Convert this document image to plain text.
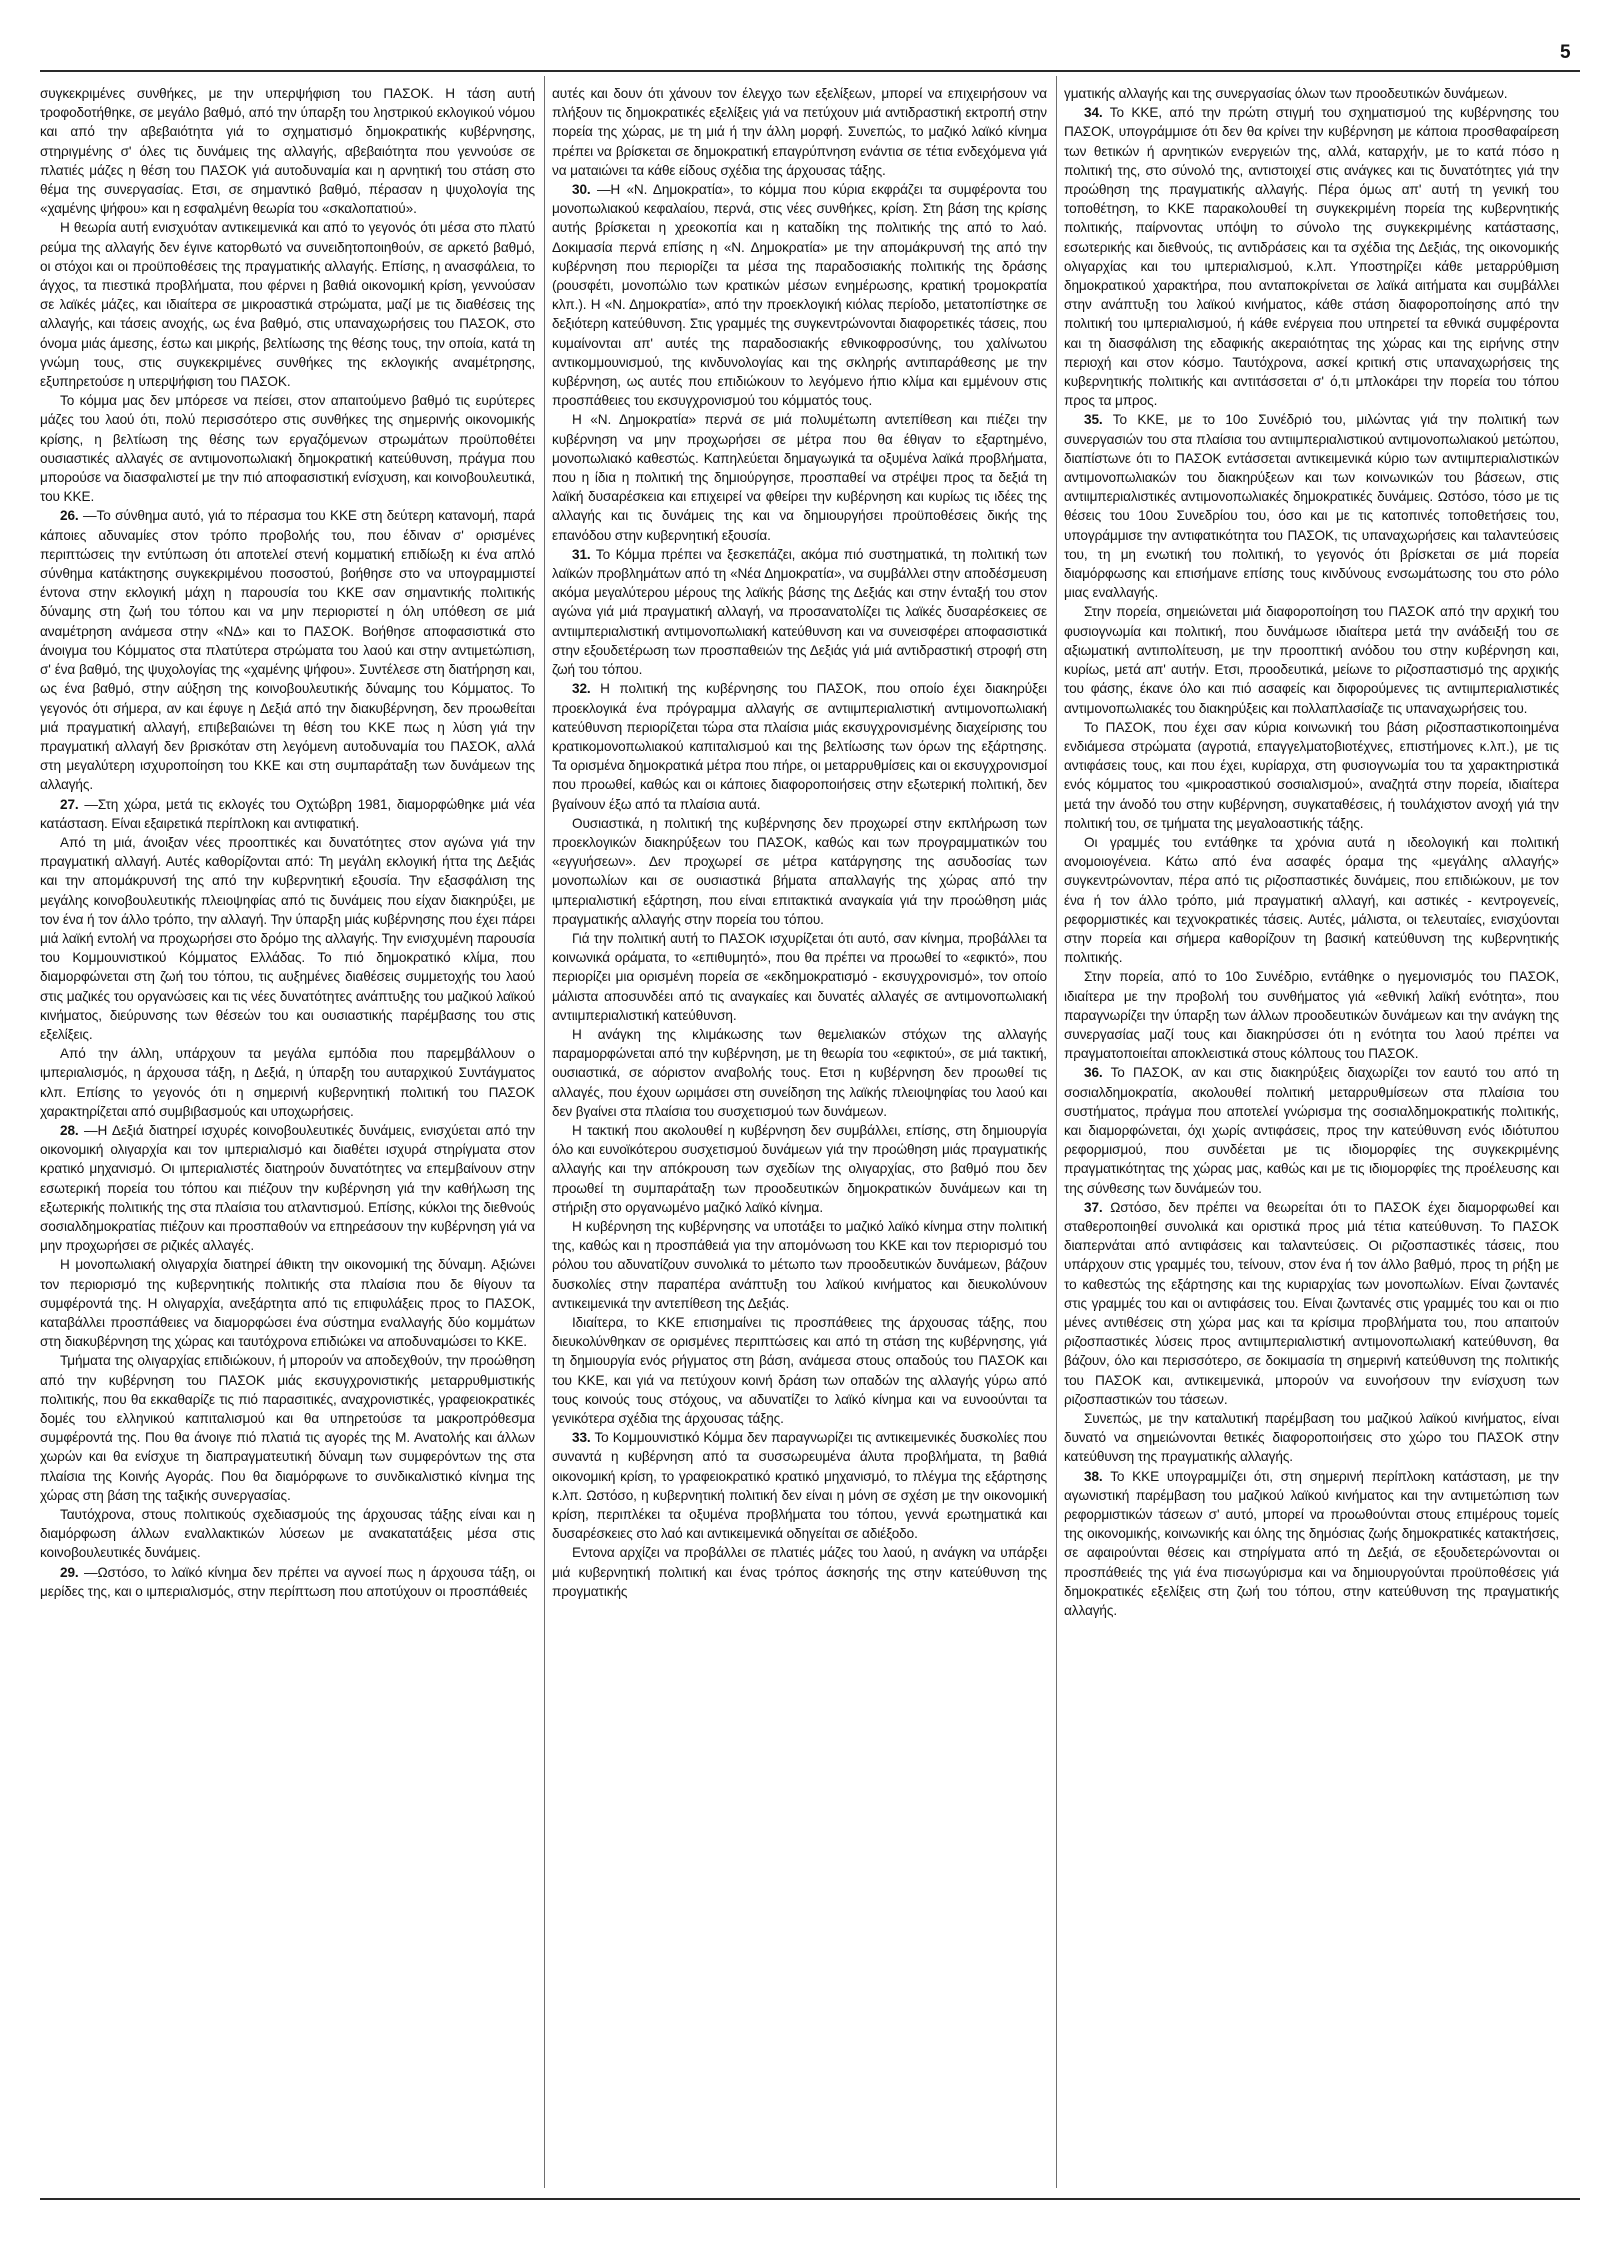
5

συγκεκριμένες συνθήκες, με την υπερψήφιση του ΠΑΣΟΚ. Η τάση αυτή τροφοδοτήθηκε, σε μεγάλο βαθμό, από την ύπαρξη του ληστρικού εκλογικού νόμου και από την αβεβαιότητα γιά το σχηματισμό δημοκρατικής κυβέρνησης, στηριγμένης σ' όλες τις δυνάμεις της αλλαγής, αβεβαιότητα που γεννούσε σε πλατιές μάζες η θέση του ΠΑΣΟΚ γιά αυτοδυναμία και η αρνητική του στάση στο θέμα της συνεργασίας. Ετσι, σε σημαντικό βαθμό, πέρασαν η ψυχολογία της «χαμένης ψήφου» και η εσφαλμένη θεωρία του «σκαλοπατιού».

Η θεωρία αυτή ενισχυόταν αντικειμενικά και από το γεγονός ότι μέσα στο πλατύ ρεύμα της αλλαγής δεν έγινε κατορθωτό να συνειδητοποιηθούν, σε αρκετό βαθμό, οι στόχοι και οι προϋποθέσεις της πραγματικής αλλαγής. Επίσης, η ανασφάλεια, το άγχος, τα πιεστικά προβλήματα, που φέρνει η βαθιά οικονομική κρίση, γεννούσαν σε λαϊκές μάζες, και ιδιαίτερα σε μικροαστικά στρώματα, μαζί με τις διαθέσεις της αλλαγής, και τάσεις ανοχής, ως ένα βαθμό, στις υπαναχωρήσεις του ΠΑΣΟΚ, στο όνομα μιάς άμεσης, έστω και μικρής, βελτίωσης της θέσης τους, την οποία, κατά τη γνώμη τους, στις συγκεκριμένες συνθήκες της εκλογικής αναμέτρησης, εξυπηρετούσε η υπερψήφιση του ΠΑΣΟΚ.

Το κόμμα μας δεν μπόρεσε να πείσει, στον απαιτούμενο βαθμό τις ευρύτερες μάζες του λαού ότι, πολύ περισσότερο στις συνθήκες της σημερινής οικονομικής κρίσης, η βελτίωση της θέσης των εργαζόμενων στρωμάτων προϋποθέτει ουσιαστικές αλλαγές σε αντιμονοπωλιακή δημοκρατική κατεύθυνση, πράγμα που μπορούσε να διασφαλιστεί με την πιό αποφασιστική ενίσχυση, και κοινοβουλευτικά, του ΚΚΕ.

26. —Το σύνθημα αυτό, γιά το πέρασμα του ΚΚΕ στη δεύτερη κατανομή, παρά κάποιες αδυναμίες στον τρόπο προβολής του, που έδιναν σ' ορισμένες περιπτώσεις την εντύπωση ότι αποτελεί στενή κομματική επιδίωξη κι ένα απλό σύνθημα κατάκτησης συγκεκριμένου ποσοστού, βοήθησε στο να υπογραμμιστεί έντονα στην εκλογική μάχη η παρουσία του ΚΚΕ σαν σημαντικής πολιτικής δύναμης στη ζωή του τόπου και να μην περιοριστεί η όλη υπόθεση σε μιά αναμέτρηση ανάμεσα στην «ΝΔ» και το ΠΑΣΟΚ. Βοήθησε αποφασιστικά στο άνοιγμα του Κόμματος στα πλατύτερα στρώματα του λαού και στην αντιμετώπιση, σ' ένα βαθμό, της ψυχολογίας της «χαμένης ψήφου». Συντέλεσε στη διατήρηση και, ως ένα βαθμό, στην αύξηση της κοινοβουλευτικής δύναμης του Κόμματος. Το γεγονός ότι σήμερα, αν και έφυγε η Δεξιά από την διακυβέρνηση, δεν προωθείται μιά πραγματική αλλαγή, επιβεβαιώνει τη θέση του ΚΚΕ πως η λύση γιά την πραγματική αλλαγή δεν βρισκόταν στη λεγόμενη αυτοδυναμία του ΠΑΣΟΚ, αλλά στη μεγαλύτερη ισχυροποίηση του ΚΚΕ και στη συμπαράταξη των δυνάμεων της αλλαγής.

27. —Στη χώρα, μετά τις εκλογές του Οχτώβρη 1981, διαμορφώθηκε μιά νέα κατάσταση. Είναι εξαιρετικά περίπλοκη και αντιφατική.

Από τη μιά, άνοιξαν νέες προοπτικές και δυνατότητες στον αγώνα γιά την πραγματική αλλαγή. Αυτές καθορίζονται από: Τη μεγάλη εκλογική ήττα της Δεξιάς και την απομάκρυνσή της από την κυβερνητική εξουσία. Την εξασφάλιση της μεγάλης κοινοβουλευτικής πλειοψηφίας από τις δυνάμεις που είχαν διακηρύξει, με τον ένα ή τον άλλο τρόπο, την αλλαγή. Την ύπαρξη μιάς κυβέρνησης που έχει πάρει μιά λαϊκή εντολή να προχωρήσει στο δρόμο της αλλαγής. Την ενισχυμένη παρουσία του Κομμουνιστικού Κόμματος Ελλάδας. Το πιό δημοκρατικό κλίμα, που διαμορφώνεται στη ζωή του τόπου, τις αυξημένες διαθέσεις συμμετοχής του λαού στις μαζικές του οργανώσεις και τις νέες δυνατότητες ανάπτυξης του μαζικού λαϊκού κινήματος, διεύρυνσης των θέσεών του και ουσιαστικής παρέμβασης του στις εξελίξεις.

Από την άλλη, υπάρχουν τα μεγάλα εμπόδια που παρεμβάλλουν ο ιμπεριαλισμός, η άρχουσα τάξη, η Δεξιά, η ύπαρξη του αυταρχικού Συντάγματος κλπ. Επίσης το γεγονός ότι η σημερινή κυβερνητική πολιτική του ΠΑΣΟΚ χαρακτηρίζεται από συμβιβασμούς και υποχωρήσεις.

28. —Η Δεξιά διατηρεί ισχυρές κοινοβουλευτικές δυνάμεις, ενισχύεται από την οικονομική ολιγαρχία και τον ιμπεριαλισμό και διαθέτει ισχυρά στηρίγματα στον κρατικό μηχανισμό. Οι ιμπεριαλιστές διατηρούν δυνατότητες να επεμβαίνουν στην εσωτερική πορεία του τόπου και πιέζουν την κυβέρνηση γιά την καθήλωση της εξωτερικής πολιτικής της στα πλαίσια του ατλαντισμού. Επίσης, κύκλοι της διεθνούς σοσιαλδημοκρατίας πιέζουν και προσπαθούν να επηρεάσουν την κυβέρνηση γιά να μην προχωρήσει σε ριζικές αλλαγές.

Η μονοπωλιακή ολιγαρχία διατηρεί άθικτη την οικονομική της δύναμη. Αξιώνει τον περιορισμό της κυβερνητικής πολιτικής στα πλαίσια που δε θίγουν τα συμφέροντά της. Η ολιγαρχία, ανεξάρτητα από τις επιφυλάξεις προς το ΠΑΣΟΚ, καταβάλλει προσπάθειες να διαμορφώσει ένα σύστημα εναλλαγής δύο κομμάτων στη διακυβέρνηση της χώρας και ταυτόχρονα επιδιώκει να αποδυναμώσει το ΚΚΕ.

Τμήματα της ολιγαρχίας επιδιώκουν, ή μπορούν να αποδεχθούν, την προώθηση από την κυβέρνηση του ΠΑΣΟΚ μιάς εκσυγχρονιστικής μεταρρυθμιστικής πολιτικής, που θα εκκαθαρίζε τις πιό παρασιτικές, αναχρονιστικές, γραφειοκρατικές δομές του ελληνικού καπιταλισμού και θα υπηρετούσε τα μακροπρόθεσμα συμφέροντά της. Που θα άνοιγε πιό πλατιά τις αγορές της Μ. Ανατολής και άλλων χωρών και θα ενίσχυε τη διαπραγματευτική δύναμη των συμφερόντων της στα πλαίσια της Κοινής Αγοράς. Που θα διαμόρφωνε το συνδικαλιστικό κίνημα της χώρας στη βάση της ταξικής συνεργασίας.

Ταυτόχρονα, στους πολιτικούς σχεδιασμούς της άρχουσας τάξης είναι και η διαμόρφωση άλλων εναλλακτικών λύσεων με ανακατατάξεις μέσα στις κοινοβουλευτικές δυνάμεις.

29. —Ωστόσο, το λαϊκό κίνημα δεν πρέπει να αγνοεί πως η άρχουσα τάξη, οι μερίδες της, και ο ιμπεριαλισμός, στην περίπτωση που αποτύχουν οι προσπάθειές

αυτές και δουν ότι χάνουν τον έλεγχο των εξελίξεων, μπορεί να επιχειρήσουν να πλήξουν τις δημοκρατικές εξελίξεις γιά να πετύχουν μιά αντιδραστική εκτροπή στην πορεία της χώρας, με τη μιά ή την άλλη μορφή. Συνεπώς, το μαζικό λαϊκό κίνημα πρέπει να βρίσκεται σε δημοκρατική επαγρύπνηση ενάντια σε τέτια ενδεχόμενα γιά να ματαιώνει τα κάθε είδους σχέδια της άρχουσας τάξης.

30. —Η «Ν. Δημοκρατία», το κόμμα που κύρια εκφράζει τα συμφέροντα του μονοπωλιακού κεφαλαίου, περνά, στις νέες συνθήκες, κρίση. Στη βάση της κρίσης αυτής βρίσκεται η χρεοκοπία και η καταδίκη της πολιτικής της από το λαό. Δοκιμασία περνά επίσης η «Ν. Δημοκρατία» με την απομάκρυνσή της από την κυβέρνηση που περιορίζει τα μέσα της παραδοσιακής πολιτικής της δράσης (ρουσφέτι, μονοπώλιο των κρατικών μέσων ενημέρωσης, κρατική τρομοκρατία κλπ.). Η «Ν. Δημοκρατία», από την προεκλογική κιόλας περίοδο, μετατοπίστηκε σε δεξιότερη κατεύθυνση. Στις γραμμές της συγκεντρώνονται διαφορετικές τάσεις, που κυμαίνονται απ' αυτές της παραδοσιακής εθνικοφροσύνης, του χαλίνωτου αντικομμουνισμού, της κινδυνολογίας και της σκληρής αντιπαράθεσης με την κυβέρνηση, ως αυτές που επιδιώκουν το λεγόμενο ήπιο κλίμα και εμμένουν στις προσπάθειες του εκσυγχρονισμού του κόμματός τους.

Η «Ν. Δημοκρατία» περνά σε μιά πολυμέτωπη αντεπίθεση και πιέζει την κυβέρνηση να μην προχωρήσει σε μέτρα που θα έθιγαν το εξαρτημένο, μονοπωλιακό καθεστώς. Καπηλεύεται δημαγωγικά τα οξυμένα λαϊκά προβλήματα, που η ίδια η πολιτική της δημιούργησε, προσπαθεί να στρέψει προς τα δεξιά τη λαϊκή δυσαρέσκεια και επιχειρεί να φθείρει την κυβέρνηση και κυρίως τις ιδέες της αλλαγής και τις δυνάμεις της και να δημιουργήσει προϋποθέσεις δικής της επανόδου στην κυβερνητική εξουσία.

31. Το Κόμμα πρέπει να ξεσκεπάζει, ακόμα πιό συστηματικά, τη πολιτική των λαϊκών προβλημάτων από τη «Νέα Δημοκρατία», να συμβάλλει στην αποδέσμευση ακόμα μεγαλύτερου μέρους της λαϊκής βάσης της Δεξιάς και στην ένταξή του στον αγώνα γιά μιά πραγματική αλλαγή, να προσανατολίζει τις λαϊκές δυσαρέσκειες σε αντιιμπεριαλιστική αντιμονοπωλιακή κατεύθυνση και να συνεισφέρει αποφασιστικά στην εξουδετέρωση των προσπαθειών της Δεξιάς γιά μιά αντιδραστική στροφή στη ζωή του τόπου.

32. Η πολιτική της κυβέρνησης του ΠΑΣΟΚ, που οποίο έχει διακηρύξει προεκλογικά ένα πρόγραμμα αλλαγής σε αντιιμπεριαλιστική αντιμονοπωλιακή κατεύθυνση περιορίζεται τώρα στα πλαίσια μιάς εκσυγχρονισμένης διαχείρισης του κρατικομονοπωλιακού καπιταλισμού και της βελτίωσης των όρων της εξάρτησης. Τα ορισμένα δημοκρατικά μέτρα που πήρε, οι μεταρρυθμίσεις και οι εκσυγχρονισμοί που προωθεί, καθώς και οι κάποιες διαφοροποιήσεις στην εξωτερική πολιτική, δεν βγαίνουν έξω από τα πλαίσια αυτά.

Ουσιαστικά, η πολιτική της κυβέρνησης δεν προχωρεί στην εκπλήρωση των προεκλογικών διακηρύξεων του ΠΑΣΟΚ, καθώς και των προγραμματικών του «εγγυήσεων». Δεν προχωρεί σε μέτρα κατάργησης της ασυδοσίας των μονοπωλίων και σε ουσιαστικά βήματα απαλλαγής της χώρας από την ιμπεριαλιστική εξάρτηση, που είναι επιτακτικά αναγκαία γιά την προώθηση μιάς πραγματικής αλλαγής στην πορεία του τόπου.

Γιά την πολιτική αυτή το ΠΑΣΟΚ ισχυρίζεται ότι αυτό, σαν κίνημα, προβάλλει τα κοινωνικά οράματα, το «επιθυμητό», που θα πρέπει να προωθεί το «εφικτό», που περιορίζει μια ορισμένη πορεία σε «εκδημοκρατισμό - εκσυγχρονισμό», τον οποίο μάλιστα αποσυνδέει από τις αναγκαίες και δυνατές αλλαγές σε αντιμονοπωλιακή αντιιμπεριαλιστική κατεύθυνση.

Η ανάγκη της κλιμάκωσης των θεμελιακών στόχων της αλλαγής παραμορφώνεται από την κυβέρνηση, με τη θεωρία του «εφικτού», σε μιά τακτική, ουσιαστικά, σε αόριστον αναβολής τους. Ετσι η κυβέρνηση δεν προωθεί τις αλλαγές, που έχουν ωριμάσει στη συνείδηση της λαϊκής πλειοψηφίας του λαού και δεν βγαίνει στα πλαίσια του συσχετισμού των δυνάμεων.

Η τακτική που ακολουθεί η κυβέρνηση δεν συμβάλλει, επίσης, στη δημιουργία όλο και ευνοϊκότερου συσχετισμού δυνάμεων γιά την προώθηση μιάς πραγματικής αλλαγής και την απόκρουση των σχεδίων της ολιγαρχίας, στο βαθμό που δεν προωθεί τη συμπαράταξη των προοδευτικών δημοκρατικών δυνάμεων και τη στήριξη στο οργανωμένο μαζικό λαϊκό κίνημα.

Η κυβέρνηση της κυβέρνησης να υποτάξει το μαζικό λαϊκό κίνημα στην πολιτική της, καθώς και η προσπάθειά για την απομόνωση του ΚΚΕ και τον περιορισμό του ρόλου του αδυνατίζουν συνολικά το μέτωπο των προοδευτικών δυνάμεων, βάζουν δυσκολίες στην παραπέρα ανάπτυξη του λαϊκού κινήματος και διευκολύνουν αντικειμενικά την αντεπίθεση της Δεξιάς.

Ιδιαίτερα, το ΚΚΕ επισημαίνει τις προσπάθειες της άρχουσας τάξης, που διευκολύνθηκαν σε ορισμένες περιπτώσεις και από τη στάση της κυβέρνησης, γιά τη δημιουργία ενός ρήγματος στη βάση, ανάμεσα στους οπαδούς του ΠΑΣΟΚ και του ΚΚΕ, και γιά να πετύχουν κοινή δράση των οπαδών της αλλαγής γύρω από τους κοινούς τους στόχους, να αδυνατίζει το λαϊκό κίνημα και να ευνοούνται τα γενικότερα σχέδια της άρχουσας τάξης.

33. Το Κομμουνιστικό Κόμμα δεν παραγνωρίζει τις αντικειμενικές δυσκολίες που συναντά η κυβέρνηση από τα συσσωρευμένα άλυτα προβλήματα, τη βαθιά οικονομική κρίση, το γραφειοκρατικό κρατικό μηχανισμό, το πλέγμα της εξάρτησης κ.λπ. Ωστόσο, η κυβερνητική πολιτική δεν είναι η μόνη σε σχέση με την οικονομική κρίση, περιπλέκει τα οξυμένα προβλήματα του τόπου, γεννά ερωτηματικά και δυσαρέσκειες στο λαό και αντικειμενικά οδηγείται σε αδιέξοδο.

Εντονα αρχίζει να προβάλλει σε πλατιές μάζες του λαού, η ανάγκη να υπάρξει μιά κυβερνητική πολιτική και ένας τρόπος άσκησής της στην κατεύθυνση της προγματικής

γματικής αλλαγής και της συνεργασίας όλων των προοδευτικών δυνάμεων.

34. Το ΚΚΕ, από την πρώτη στιγμή του σχηματισμού της κυβέρνησης του ΠΑΣΟΚ, υπογράμμισε ότι δεν θα κρίνει την κυβέρνηση με κάποια προσθαφαίρεση των θετικών ή αρνητικών ενεργειών της, αλλά, καταρχήν, με το κατά πόσο η πολιτική της, στο σύνολό της, αντιστοιχεί στις ανάγκες και τις δυνατότητες γιά την προώθηση της πραγματικής αλλαγής. Πέρα όμως απ' αυτή τη γενική του τοποθέτηση, το ΚΚΕ παρακολουθεί τη συγκεκριμένη πορεία της κυβερνητικής πολιτικής, παίρνοντας υπόψη το σύνολο της συγκεκριμένης κατάστασης, εσωτερικής και διεθνούς, τις αντιδράσεις και τα σχέδια της Δεξιάς, της οικονομικής ολιγαρχίας και του ιμπεριαλισμού, κ.λπ. Υποστηρίζει κάθε μεταρρύθμιση δημοκρατικού χαρακτήρα, που ανταποκρίνεται σε λαϊκά αιτήματα και συμβάλλει στην ανάπτυξη του λαϊκού κινήματος, κάθε στάση διαφοροποίησης από την πολιτική του ιμπεριαλισμού, ή κάθε ενέργεια που υπηρετεί τα εθνικά συμφέροντα και τη διασφάλιση της εδαφικής ακεραιότητας της χώρας και της ειρήνης στην περιοχή και στον κόσμο. Ταυτόχρονα, ασκεί κριτική στις υπαναχωρήσεις της κυβερνητικής πολιτικής και αντιτάσσεται σ' ό,τι μπλοκάρει την πορεία του τόπου προς τα μπρος.

35. Το ΚΚΕ, με το 10ο Συνέδριό του, μιλώντας γιά την πολιτική των συνεργασιών του στα πλαίσια του αντιιμπεριαλιστικού αντιμονοπωλιακού μετώπου, διαπίστωνε ότι το ΠΑΣΟΚ εντάσσεται αντικειμενικά κύριο των αντιιμπεριαλιστικών αντιμονοπωλιακών του διακηρύξεων και των κοινωνικών του βάσεων, στις αντιιμπεριαλιστικές αντιμονοπωλιακές δημοκρατικές δυνάμεις. Ωστόσο, τόσο με τις θέσεις του 10ου Συνεδρίου του, όσο και με τις κατοπινές τοποθετήσεις του, υπογράμμισε την αντιφατικότητα του ΠΑΣΟΚ, τις υπαναχωρήσεις και ταλαντεύσεις του, τη μη ενωτική του πολιτική, το γεγονός ότι βρίσκεται σε μιά πορεία διαμόρφωσης και επισήμανε επίσης τους κινδύνους ενσωμάτωσης του στο ρόλο μιας εναλλαγής.

Στην πορεία, σημειώνεται μιά διαφοροποίηση του ΠΑΣΟΚ από την αρχική του φυσιογνωμία και πολιτική, που δυνάμωσε ιδιαίτερα μετά την ανάδειξή του σε αξιωματική αντιπολίτευση, με την προοπτική ανόδου του στην κυβέρνηση και, κυρίως, μετά απ' αυτήν. Ετσι, προοδευτικά, μείωνε το ριζοσπαστισμό της αρχικής του φάσης, έκανε όλο και πιό ασαφείς και διφορούμενες τις αντιιμπεριαλιστικές αντιμονοπωλιακές του διακηρύξεις και πολλαπλασίαζε τις υπαναχωρήσεις του.

Το ΠΑΣΟΚ, που έχει σαν κύρια κοινωνική του βάση ριζοσπαστικοποιημένα ενδιάμεσα στρώματα (αγροτιά, επαγγελματοβιοτέχνες, επιστήμονες κ.λπ.), με τις αντιφάσεις τους, και που έχει, κυρίαρχα, στη φυσιογνωμία του τα χαρακτηριστικά ενός κόμματος του «μικροαστικού σοσιαλισμού», αναζητά στην πορεία, ιδιαίτερα μετά την άνοδό του στην κυβέρνηση, συγκαταθέσεις, ή τουλάχιστον ανοχή γιά την πολιτική του, σε τμήματα της μεγαλοαστικής τάξης.

Οι γραμμές του εντάθηκε τα χρόνια αυτά η ιδεολογική και πολιτική ανομοιογένεια. Κάτω από ένα ασαφές όραμα της «μεγάλης αλλαγής» συγκεντρώνονταν, πέρα από τις ριζοσπαστικές δυνάμεις, που επιδιώκουν, με τον ένα ή τον άλλο τρόπο, μιά πραγματική αλλαγή, και αστικές - κεντρογενείς, ρεφορμιστικές και τεχνοκρατικές τάσεις. Αυτές, μάλιστα, οι τελευταίες, ενισχύονται στην πορεία και σήμερα καθορίζουν τη βασική κατεύθυνση της κυβερνητικής πολιτικής.

Στην πορεία, από το 10ο Συνέδριο, εντάθηκε ο ηγεμονισμός του ΠΑΣΟΚ, ιδιαίτερα με την προβολή του συνθήματος γιά «εθνική λαϊκή ενότητα», που παραγνωρίζει την ύπαρξη των άλλων προοδευτικών δυνάμεων και την ανάγκη της συνεργασίας μαζί τους και διακηρύσσει ότι η ενότητα του λαού πρέπει να πραγματοποιείται αποκλειστικά στους κόλπους του ΠΑΣΟΚ.

36. Το ΠΑΣΟΚ, αν και στις διακηρύξεις διαχωρίζει τον εαυτό του από τη σοσιαλδημοκρατία, ακολουθεί πολιτική μεταρρυθμίσεων στα πλαίσια του συστήματος, πράγμα που αποτελεί γνώρισμα της σοσιαλδημοκρατικής πολιτικής, και διαμορφώνεται, όχι χωρίς αντιφάσεις, προς την κατεύθυνση ενός ιδιότυπου ρεφορμισμού, που συνδέεται με τις ιδιομορφίες της συγκεκριμένης πραγματικότητας της χώρας μας, καθώς και με τις ιδιομορφίες της προέλευσης και της σύνθεσης των δυνάμεών του.

37. Ωστόσο, δεν πρέπει να θεωρείται ότι το ΠΑΣΟΚ έχει διαμορφωθεί και σταθεροποιηθεί συνολικά και οριστικά προς μιά τέτια κατεύθυνση. Το ΠΑΣΟΚ διαπερνάται από αντιφάσεις και ταλαντεύσεις. Οι ριζοσπαστικές τάσεις, που υπάρχουν στις γραμμές του, τείνουν, στον ένα ή τον άλλο βαθμό, προς τη ρήξη με το καθεστώς της εξάρτησης και της κυριαρχίας των μονοπωλίων. Είναι ζωντανές στις γραμμές του και οι αντιφάσεις του. Είναι ζωντανές στις γραμμές του και οι πιο μένες αντιθέσεις στη χώρα μας και τα κρίσιμα προβλήματα του, που απαιτούν ριζοσπαστικές λύσεις προς αντιιμπεριαλιστική αντιμονοπωλιακή κατεύθυνση, θα βάζουν, όλο και περισσότερο, σε δοκιμασία τη σημερινή κατεύθυνση της πολιτικής του ΠΑΣΟΚ και, αντικειμενικά, μπορούν να ευνοήσουν την ενίσχυση των ριζοσπαστικών του τάσεων.

Συνεπώς, με την καταλυτική παρέμβαση του μαζικού λαϊκού κινήματος, είναι δυνατό να σημειώνονται θετικές διαφοροποιήσεις στο χώρο του ΠΑΣΟΚ στην κατεύθυνση της πραγματικής αλλαγής.

38. Το ΚΚΕ υπογραμμίζει ότι, στη σημερινή περίπλοκη κατάσταση, με την αγωνιστική παρέμβαση του μαζικού λαϊκού κινήματος και την αντιμετώπιση των ρεφορμιστικών τάσεων σ' αυτό, μπορεί να προωθούνται στους επιμέρους τομείς της οικονομικής, κοινωνικής και όλης της δημόσιας ζωής δημοκρατικές κατακτήσεις, σε αφαιρούνται θέσεις και στηρίγματα από τη Δεξιά, σε εξουδετερώνονται οι προσπάθειές της γιά ένα πισωγύρισμα και να δημιουργούνται προϋποθέσεις γιά δημοκρατικές εξελίξεις στη ζωή του τόπου, στην κατεύθυνση της πραγματικής αλλαγής.
